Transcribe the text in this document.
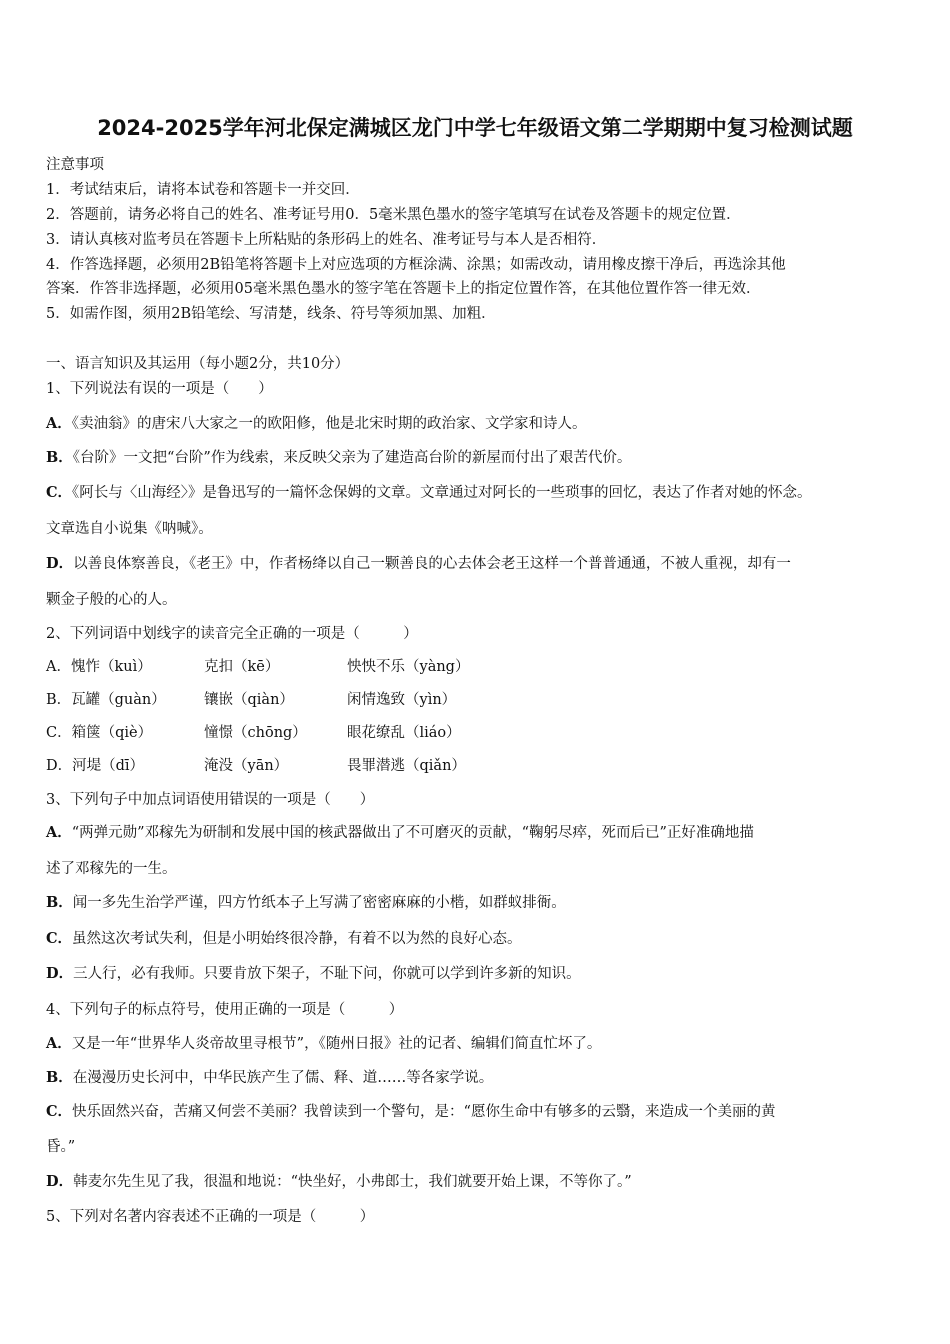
2024-2025学年河北保定满城区龙门中学七年级语文第二学期期中复习检测试题
注意事项
1．考试结束后，请将本试卷和答题卡一并交回．
2．答题前，请务必将自己的姓名、准考证号用0．5毫米黑色墨水的签字笔填写在试卷及答题卡的规定位置．
3．请认真核对监考员在答题卡上所粘贴的条形码上的姓名、准考证号与本人是否相符．
4．作答选择题，必须用2B铅笔将答题卡上对应选项的方框涂满、涂黑；如需改动，请用橡皮擦干净后，再选涂其他
答案．作答非选择题，必须用05毫米黑色墨水的签字笔在答题卡上的指定位置作答，在其他位置作答一律无效．
5．如需作图，须用2B铅笔绘、写清楚，线条、符号等须加黑、加粗．
一、语言知识及其运用（每小题2分，共10分）
1、下列说法有误的一项是（　　）
A．《卖油翁》的唐宋八大家之一的欧阳修，他是北宋时期的政治家、文学家和诗人。
B．《台阶》一文把“台阶”作为线索，来反映父亲为了建造高台阶的新屋而付出了艰苦代价。
C．《阿长与〈山海经〉》是鲁迅写的一篇怀念保姆的文章。文章通过对阿长的一些琐事的回忆，表达了作者对她的怀念。
文章选自小说集《呐喊》。
D．以善良体察善良，《老王》中，作者杨绛以自己一颗善良的心去体会老王这样一个普普通通，不被人重视，却有一
颗金子般的心的人。
2、下列词语中划线字的读音完全正确的一项是（　　　）
A．愧怍（kuì）	克扣（kē）	怏怏不乐（yàng）
B．瓦罐（guàn）	镶嵌（qiàn）	闲情逸致（yìn）
C．箱箧（qiè）	憧憬（chōng）	眼花缭乱（liáo）
D．河堤（dī）	淹没（yān）	畏罪潜逃（qiǎn）
3、下列句子中加点词语使用错误的一项是（　　）
A．“两弹元勋”邓稼先为研制和发展中国的核武器做出了不可磨灭的贡献，“鞠躬尽瘁，死而后已”正好准确地描
述了邓稼先的一生。
B．闻一多先生治学严谨，四方竹纸本子上写满了密密麻麻的小楷，如群蚁排衙。
C．虽然这次考试失利，但是小明始终很冷静，有着不以为然的良好心态。
D．三人行，必有我师。只要肯放下架子，不耻下问，你就可以学到许多新的知识。
4、下列句子的标点符号，使用正确的一项是（　　　）
A．又是一年“世界华人炎帝故里寻根节”，《随州日报》社的记者、编辑们简直忙坏了。
B．在漫漫历史长河中，中华民族产生了儒、释、道……等各家学说。
C．快乐固然兴奋，苦痛又何尝不美丽？我曾读到一个警句，是：“愿你生命中有够多的云翳，来造成一个美丽的黄
昏。”
D．韩麦尔先生见了我，很温和地说：“快坐好，小弗郎士，我们就要开始上课，不等你了。”
5、下列对名著内容表述不正确的一项是（　　　）
